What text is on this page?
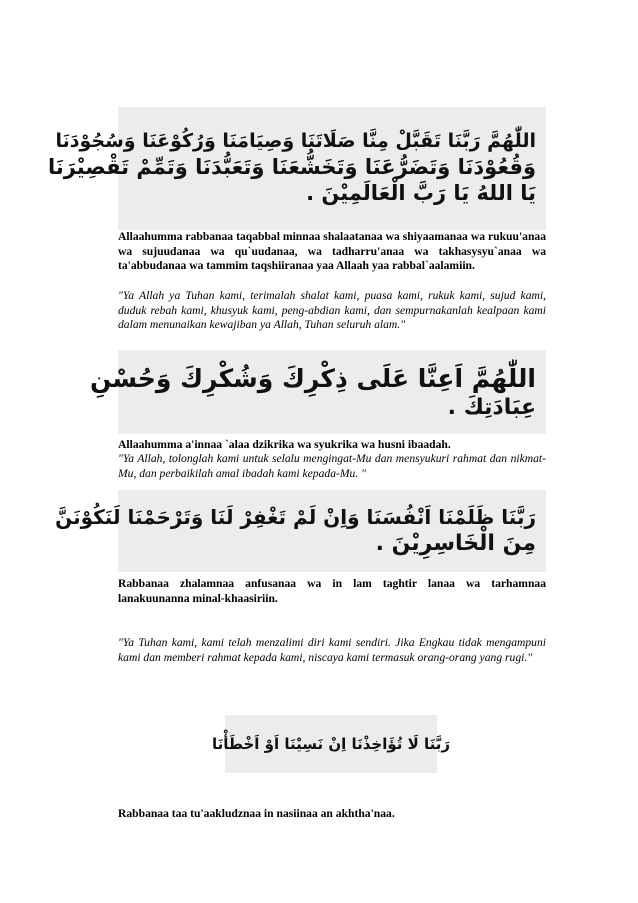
اللّٰهُمَّ رَبَّنَا تَقَبَّلْ مِنَّا صَلَاتَنَا وَصِيَامَنَا وَرُكُوْعَنَا وَسُجُوْدَنَا
وَقُعُوْدَنَا وَتَضَرُّعَنَا وَتَخَشُّعَنَا وَتَعَبُّدَنَا وَتَمِّمْ تَقْصِيْرَنَا
يَا اللهُ يَا رَبَّ الْعَالَمِيْنَ .
Allaahumma rabbanaa taqabbal minnaa shalaatanaa wa shiyaamanaa wa rukuu'anaa wa sujuudanaa wa qu`uudanaa, wa tadharru'anaa wa takhasysyu`anaa wa ta'abbudanaa wa tammim taqshiiranaa yaa Allaah yaa rabbal`aalamiin.
"Ya Allah ya Tuhan kami, terimalah shalat kami, puasa kami, rukuk kami, sujud kami, duduk rebah kami, khusyuk kami, peng-abdian kami, dan sempurnakanlah kealpaan kami dalam menunaikan kewajiban ya Allah, Tuhan seluruh alam."
اللّٰهُمَّ اَعِنَّا عَلَى ذِكْرِكَ وَشُكْرِكَ وَحُسْنِ
عِبَادَتِكَ .
Allaahumma a'innaa `alaa dzikrika wa syukrika wa husni ibaadah.
"Ya Allah, tolonglah kami untuk selalu mengingat-Mu dan mensyukuri rahmat dan nikmat-Mu, dan perbaikilah amal ibadah kami kepada-Mu. "
رَبَّنَا ظَلَمْنَا اَنْفُسَنَا وَاِنْ لَمْ تَغْفِرْ لَنَا وَتَرْحَمْنَا لَنَكُوْنَنَّ
مِنَ الْخَاسِرِيْنَ .
Rabbanaa zhalamnaa anfusanaa wa in lam taghtir lanaa wa tarhamnaa lanakuunanna minal-khaasiriin.
"Ya Tuhan kami, kami telah menzalimi diri kami sendiri. Jika Engkau tidak mengampuni kami dan memberi rahmat kepada kami, niscaya kami termasuk orang-orang yang rugi."
رَبَّنَا لَا تُؤَاخِذْنَا اِنْ نَسِيْنَا اَوْ اَخْطَأْنَا
Rabbanaa taa tu'aakludznaa in nasiinaa an akhtha'naa.
